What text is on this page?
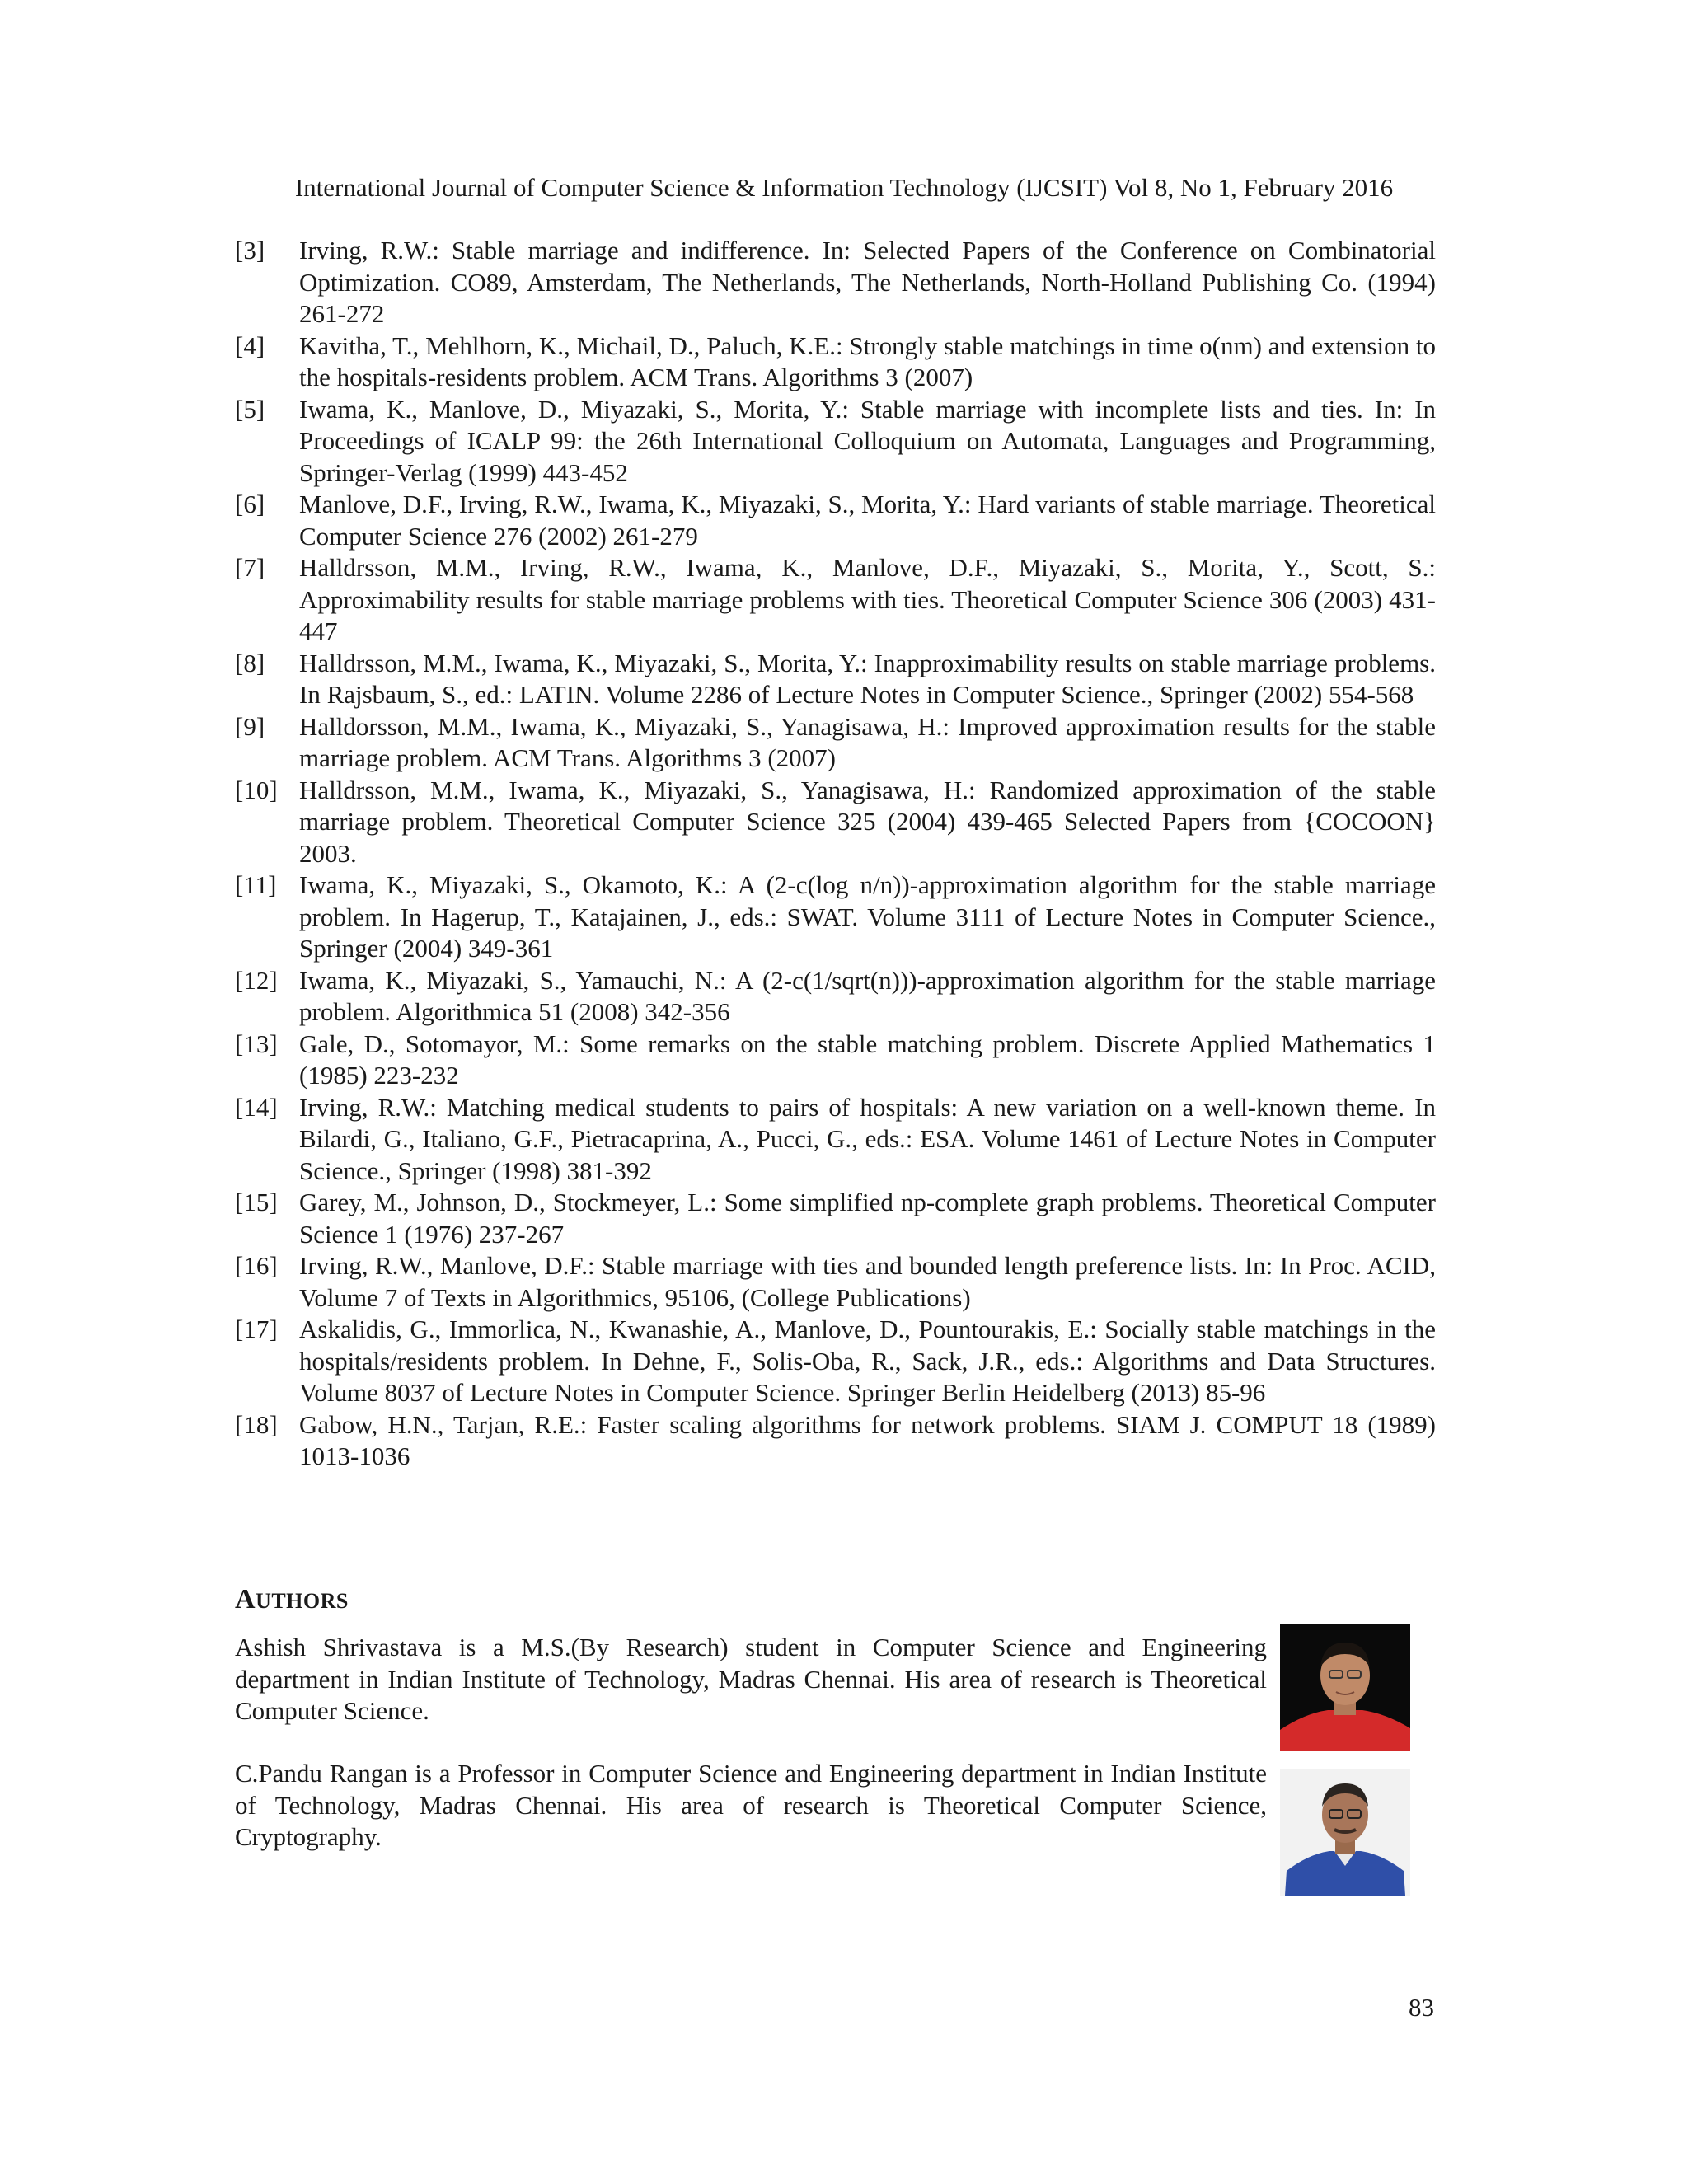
International Journal of Computer Science & Information Technology (IJCSIT) Vol 8, No 1, February 2016
[3] Irving, R.W.: Stable marriage and indifference. In: Selected Papers of the Conference on Combinatorial Optimization. CO89, Amsterdam, The Netherlands, The Netherlands, North-Holland Publishing Co. (1994) 261-272
[4] Kavitha, T., Mehlhorn, K., Michail, D., Paluch, K.E.: Strongly stable matchings in time o(nm) and extension to the hospitals-residents problem. ACM Trans. Algorithms 3 (2007)
[5] Iwama, K., Manlove, D., Miyazaki, S., Morita, Y.: Stable marriage with incomplete lists and ties. In: In Proceedings of ICALP 99: the 26th International Colloquium on Automata, Languages and Programming, Springer-Verlag (1999) 443-452
[6] Manlove, D.F., Irving, R.W., Iwama, K., Miyazaki, S., Morita, Y.: Hard variants of stable marriage. Theoretical Computer Science 276 (2002) 261-279
[7] Halldrsson, M.M., Irving, R.W., Iwama, K., Manlove, D.F., Miyazaki, S., Morita, Y., Scott, S.: Approximability results for stable marriage problems with ties. Theoretical Computer Science 306 (2003) 431-447
[8] Halldrsson, M.M., Iwama, K., Miyazaki, S., Morita, Y.: Inapproximability results on stable marriage problems. In Rajsbaum, S., ed.: LATIN. Volume 2286 of Lecture Notes in Computer Science., Springer (2002) 554-568
[9] Halldorsson, M.M., Iwama, K., Miyazaki, S., Yanagisawa, H.: Improved approximation results for the stable marriage problem. ACM Trans. Algorithms 3 (2007)
[10] Halldrsson, M.M., Iwama, K., Miyazaki, S., Yanagisawa, H.: Randomized approximation of the stable marriage problem. Theoretical Computer Science 325 (2004) 439-465 Selected Papers from {COCOON} 2003.
[11] Iwama, K., Miyazaki, S., Okamoto, K.: A (2-c(log n/n))-approximation algorithm for the stable marriage problem. In Hagerup, T., Katajainen, J., eds.: SWAT. Volume 3111 of Lecture Notes in Computer Science., Springer (2004) 349-361
[12] Iwama, K., Miyazaki, S., Yamauchi, N.: A (2-c(1/sqrt(n)))-approximation algorithm for the stable marriage problem. Algorithmica 51 (2008) 342-356
[13] Gale, D., Sotomayor, M.: Some remarks on the stable matching problem. Discrete Applied Mathematics 1 (1985) 223-232
[14] Irving, R.W.: Matching medical students to pairs of hospitals: A new variation on a well-known theme. In Bilardi, G., Italiano, G.F., Pietracaprina, A., Pucci, G., eds.: ESA. Volume 1461 of Lecture Notes in Computer Science., Springer (1998) 381-392
[15] Garey, M., Johnson, D., Stockmeyer, L.: Some simplified np-complete graph problems. Theoretical Computer Science 1 (1976) 237-267
[16] Irving, R.W., Manlove, D.F.: Stable marriage with ties and bounded length preference lists. In: In Proc. ACID, Volume 7 of Texts in Algorithmics, 95106, (College Publications)
[17] Askalidis, G., Immorlica, N., Kwanashie, A., Manlove, D., Pountourakis, E.: Socially stable matchings in the hospitals/residents problem. In Dehne, F., Solis-Oba, R., Sack, J.R., eds.: Algorithms and Data Structures. Volume 8037 of Lecture Notes in Computer Science. Springer Berlin Heidelberg (2013) 85-96
[18] Gabow, H.N., Tarjan, R.E.: Faster scaling algorithms for network problems. SIAM J. COMPUT 18 (1989) 1013-1036
AUTHORS

Ashish Shrivastava is a M.S.(By Research) student in Computer Science and Engineering department in Indian Institute of Technology, Madras Chennai. His area of research is Theoretical Computer Science.

C.Pandu Rangan is a Professor in Computer Science and Engineering department in Indian Institute of Technology, Madras Chennai. His area of research is Theoretical Computer Science, Cryptography.

83
